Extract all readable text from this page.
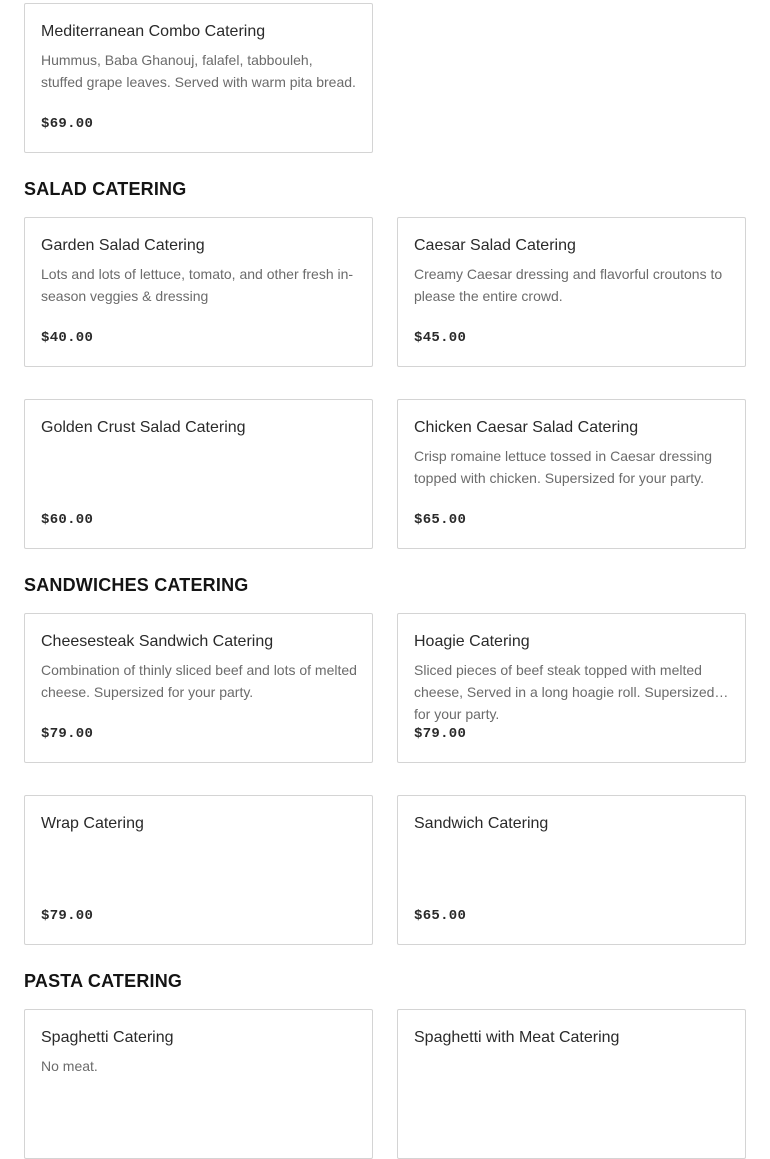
Mediterranean Combo Catering
Hummus, Baba Ghanouj, falafel, tabbouleh, stuffed grape leaves. Served with warm pita bread.
$69.00
SALAD CATERING
Garden Salad Catering
Lots and lots of lettuce, tomato, and other fresh in-season veggies & dressing
$40.00
Caesar Salad Catering
Creamy Caesar dressing and flavorful croutons to please the entire crowd.
$45.00
Golden Crust Salad Catering
$60.00
Chicken Caesar Salad Catering
Crisp romaine lettuce tossed in Caesar dressing topped with chicken. Supersized for your party.
$65.00
SANDWICHES CATERING
Cheesesteak Sandwich Catering
Combination of thinly sliced beef and lots of melted cheese. Supersized for your party.
$79.00
Hoagie Catering
Sliced pieces of beef steak topped with melted cheese, Served in a long hoagie roll. Supersized for your party.
$79.00
Wrap Catering
$79.00
Sandwich Catering
$65.00
PASTA CATERING
Spaghetti Catering
No meat.
Spaghetti with Meat Catering
